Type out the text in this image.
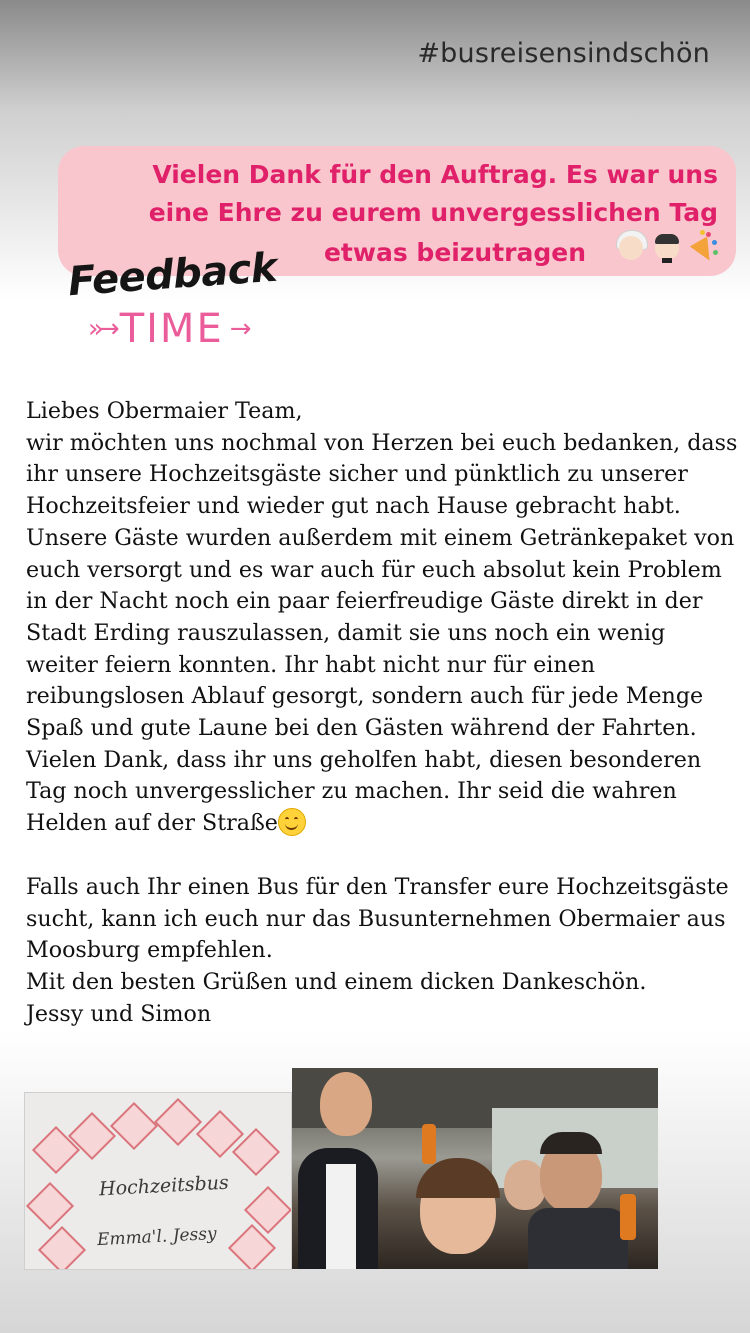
#busreisensindschön
Vielen Dank für den Auftrag. Es war uns
eine Ehre zu eurem unvergesslichen Tag
etwas beizutragen
Feedback
»→ TIME →

Liebes Obermaier Team,

wir möchten uns nochmal von Herzen bei euch bedanken, dass

ihr unsere Hochzeitsgäste sicher und pünktlich zu unserer

Hochzeitsfeier und wieder gut nach Hause gebracht habt.

Unsere Gäste wurden außerdem mit einem Getränkepaket von

euch versorgt und es war auch für euch absolut kein Problem

in der Nacht noch ein paar feierfreudige Gäste direkt in der

Stadt Erding rauszulassen, damit sie uns noch ein wenig

weiter feiern konnten. Ihr habt nicht nur für einen

reibungslosen Ablauf gesorgt, sondern auch für jede Menge

Spaß und gute Laune bei den Gästen während der Fahrten.

Vielen Dank, dass ihr uns geholfen habt, diesen besonderen

Tag noch unvergesslicher zu machen. Ihr seid die wahren

Helden auf der Straße

Falls auch Ihr einen Bus für den Transfer eure Hochzeitsgäste

sucht, kann ich euch nur das Busunternehmen Obermaier aus

Moosburg empfehlen.

Mit den besten Grüßen und einem dicken Dankeschön.

Jessy und Simon

Hochzeitsbus
Emma'l. Jessy
